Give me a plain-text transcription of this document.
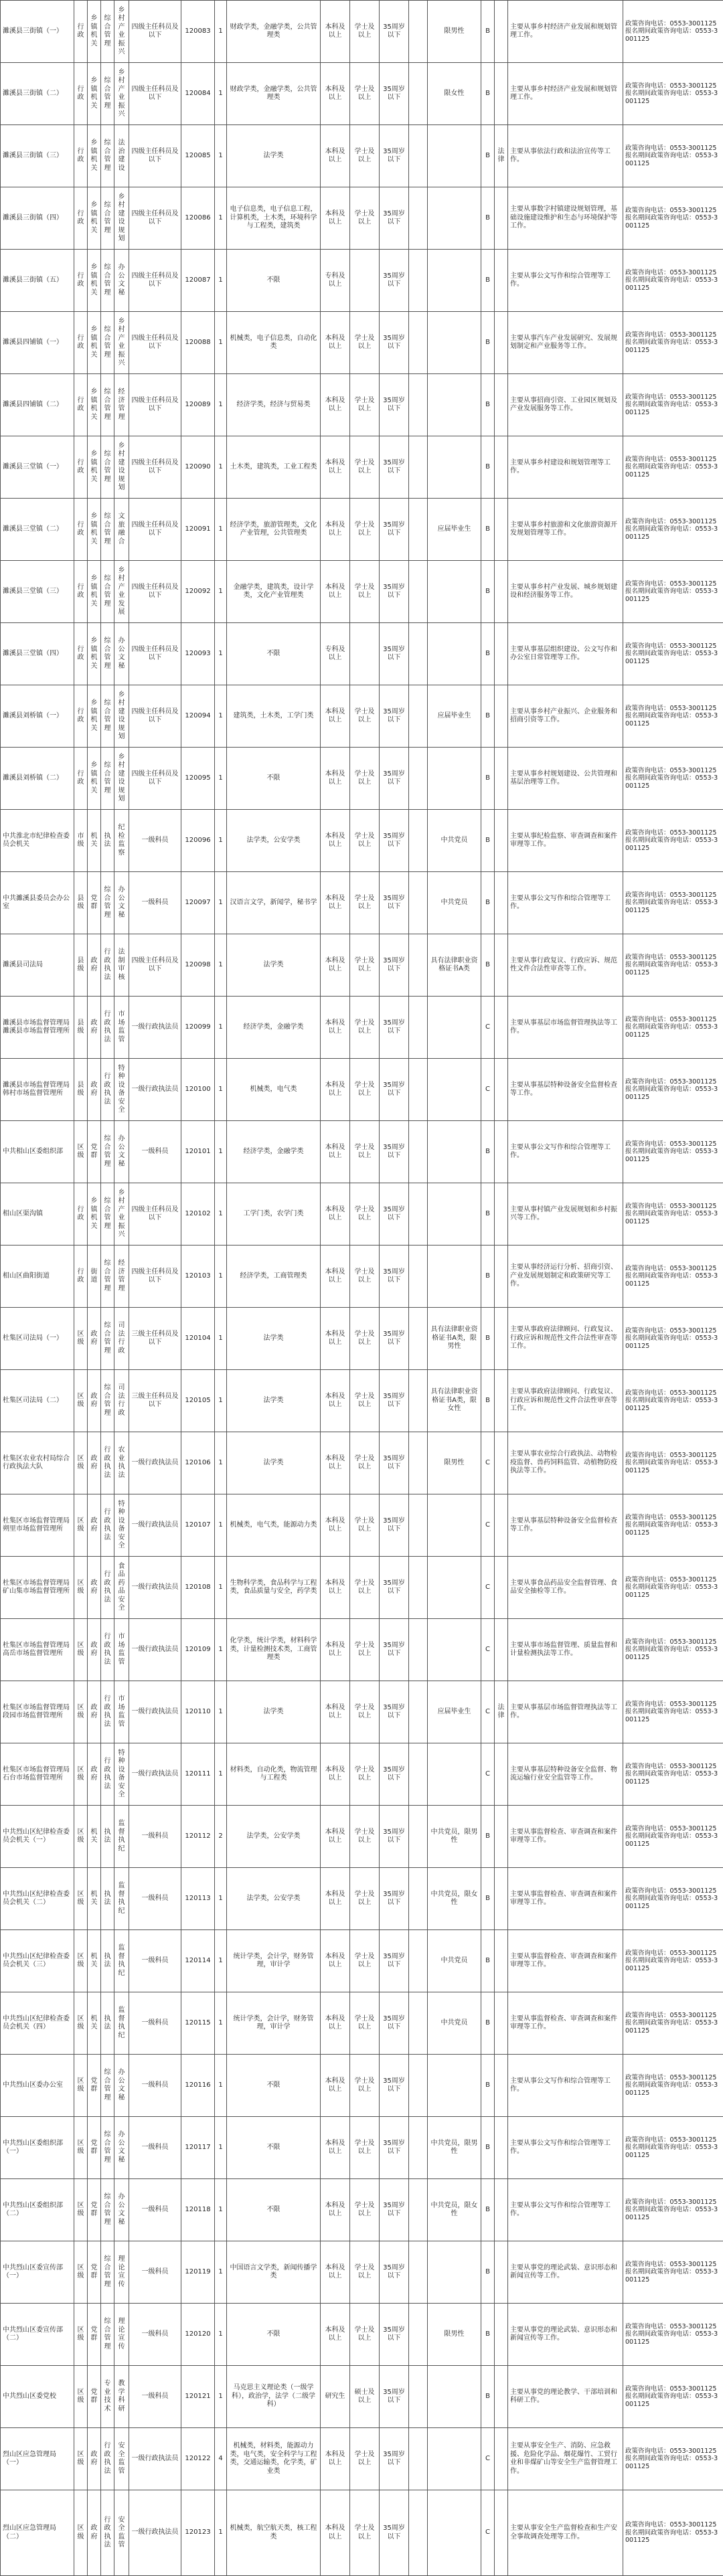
濉溪县三街镇（一）	行政	乡镇机关	综合管理	乡村产业振兴	四级主任科员及以下	120083	1	财政学类，金融学类，公共管理类	本科及以上	学士及以上	35周岁以下		限男性	B		主要从事乡村经济产业发展和规划管理工作。	政策咨询电话：0553-3001125 报名期间政策咨询电话：0553-3001125
濉溪县三街镇（二）	行政	乡镇机关	综合管理	乡村产业振兴	四级主任科员及以下	120084	1	财政学类，金融学类，公共管理类	本科及以上	学士及以上	35周岁以下		限女性	B		主要从事乡村经济产业发展和规划管理工作。	政策咨询电话：0553-3001125 报名期间政策咨询电话：0553-3001125
濉溪县三街镇（三）	行政	乡镇机关	综合管理	法治建设	四级主任科员及以下	120085	1	法学类	本科及以上	学士及以上	35周岁以下			B	法律	主要从事依法行政和法治宣传等工作。	政策咨询电话：0553-3001125 报名期间政策咨询电话：0553-3001125
濉溪县三街镇（四）	行政	乡镇机关	综合管理	乡村建设规划	四级主任科员及以下	120086	1	电子信息类，电子信息工程，计算机类，土木类，环境科学与工程类，建筑类	本科及以上	学士及以上	35周岁以下			B		主要从事数字村镇建设规划管理，基础设施建设维护和生态与环境保护等工作。	政策咨询电话：0553-3001125 报名期间政策咨询电话：0553-3001125
濉溪县三街镇（五）	行政	乡镇机关	综合管理	办公文秘	四级主任科员及以下	120087	1	不限	专科及以上		35周岁以下			B		主要从事公文写作和综合管理等工作。	政策咨询电话：0553-3001125 报名期间政策咨询电话：0553-3001125
濉溪县四铺镇（一）	行政	乡镇机关	综合管理	乡村产业振兴	四级主任科员及以下	120088	1	机械类，电子信息类，自动化类	本科及以上	学士及以上	35周岁以下			B		主要从事汽车产业发展研究、发展规划制定和产业服务等工作。	政策咨询电话：0553-3001125 报名期间政策咨询电话：0553-3001125
濉溪县四铺镇（二）	行政	乡镇机关	综合管理	经济管理	四级主任科员及以下	120089	1	经济学类，经济与贸易类	本科及以上	学士及以上	35周岁以下			B		主要从事招商引资、工业园区规划及产业发展服务等工作。	政策咨询电话：0553-3001125 报名期间政策咨询电话：0553-3001125
濉溪县三堂镇（一）	行政	乡镇机关	综合管理	乡村建设规划	四级主任科员及以下	120090	1	土木类，建筑类，工业工程类	本科及以上	学士及以上	35周岁以下			B		主要从事乡村建设和规划管理等工作。	政策咨询电话：0553-3001125 报名期间政策咨询电话：0553-3001125
濉溪县三堂镇（二）	行政	乡镇机关	综合管理	文旅融合	四级主任科员及以下	120091	1	经济学类，旅游管理类，文化产业管理，公共管理类	本科及以上	学士及以上	35周岁以下		应届毕业生	B		主要从事乡村旅游和文化旅游资源开发规划管理等工作。	政策咨询电话：0553-3001125 报名期间政策咨询电话：0553-3001125
濉溪县三堂镇（三）	行政	乡镇机关	综合管理	乡村产业发展	四级主任科员及以下	120092	1	金融学类，建筑类，设计学类，文化产业管理类	本科及以上	学士及以上	35周岁以下			B		主要从事乡村产业发展、城乡规划建设和经济服务等工作。	政策咨询电话：0553-3001125 报名期间政策咨询电话：0553-3001125
濉溪县三堂镇（四）	行政	乡镇机关	综合管理	办公文秘	四级主任科员及以下	120093	1	不限	专科及以上		35周岁以下			B		主要从事基层组织建设、公文写作和办公室日常管理等工作。	政策咨询电话：0553-3001125 报名期间政策咨询电话：0553-3001125
濉溪县刘桥镇（一）	行政	乡镇机关	综合管理	乡村建设规划	四级主任科员及以下	120094	1	建筑类，土木类，工学门类	本科及以上	学士及以上	35周岁以下		应届毕业生	B		主要从事乡村产业振兴、企业服务和招商引资等工作。	政策咨询电话：0553-3001125 报名期间政策咨询电话：0553-3001125
濉溪县刘桥镇（二）	行政	乡镇机关	综合管理	乡村建设规划	四级主任科员及以下	120095	1	不限	本科及以上	学士及以上	35周岁以下			B		主要从事乡村规划建设、公共管理和基层治理等工作。	政策咨询电话：0553-3001125 报名期间政策咨询电话：0553-3001125
中共淮北市纪律检查委员会机关	市级	机关	执法	纪检监察	一级科员	120096	1	法学类，公安学类	本科及以上	学士及以上	35周岁以下		中共党员	B		主要从事纪检监察、审查调查和案件审理等工作。	政策咨询电话：0553-3001125 报名期间政策咨询电话：0553-3001125
中共濉溪县委员会办公室	县级	党群	综合管理	办公文秘	一级科员	120097	1	汉语言文学，新闻学，秘书学	本科及以上	学士及以上	35周岁以下		中共党员	B		主要从事公文写作和综合管理等工作。	政策咨询电话：0553-3001125 报名期间政策咨询电话：0553-3001125
濉溪县司法局	县级	政府	行政执法	法制审核	四级主任科员及以下	120098	1	法学类	本科及以上	学士及以上	35周岁以下		具有法律职业资格证书A类	B		主要从事行政复议、行政应诉、规范性文件合法性审查等工作。	政策咨询电话：0553-3001125 报名期间政策咨询电话：0553-3001125
濉溪县市场监督管理局濉溪县市场监督管理所	县级	政府	行政执法	市场监管	一级行政执法员	120099	1	经济学类，金融学类	本科及以上	学士及以上	35周岁以下			C		主要从事基层市场监督管理执法等工作。	政策咨询电话：0553-3001125 报名期间政策咨询电话：0553-3001125
濉溪县市场监督管理局韩村市场监督管理所	县级	政府	行政执法	特种设备安全	一级行政执法员	120100	1	机械类，电气类	本科及以上	学士及以上	35周岁以下			C		主要从事基层特种设备安全监督检查等工作。	政策咨询电话：0553-3001125 报名期间政策咨询电话：0553-3001125
中共相山区委组织部	区级	党群	综合管理	办公文秘	一级科员	120101	1	经济学类，金融学类	本科及以上	学士及以上	35周岁以下			B		主要从事公文写作和综合管理等工作。	政策咨询电话：0553-3001125 报名期间政策咨询电话：0553-3001125
相山区渠沟镇	行政	乡镇机关	综合管理	乡村产业振兴	四级主任科员及以下	120102	1	工学门类，农学门类	本科及以上	学士及以上	35周岁以下			B		主要从事村镇产业发展规划和乡村振兴等工作。	政策咨询电话：0553-3001125 报名期间政策咨询电话：0553-3001125
相山区曲阳街道	行政	街道	综合管理	经济管理	四级主任科员及以下	120103	1	经济学类，工商管理类	本科及以上	学士及以上	35周岁以下			B		主要从事经济运行分析、招商引资、产业发展规划制定和政策研究等工作。	政策咨询电话：0553-3001125 报名期间政策咨询电话：0553-3001125
杜集区司法局（一）	区级	政府	综合管理	司法行政	三级主任科员及以下	120104	1	法学类	本科及以上	学士及以上	35周岁以下		具有法律职业资格证书A类，限男性	B		主要从事政府法律顾问、行政复议、行政应诉和规范性文件合法性审查等工作。	政策咨询电话：0553-3001125 报名期间政策咨询电话：0553-3001125
杜集区司法局（二）	区级	政府	综合管理	司法行政	三级主任科员及以下	120105	1	法学类	本科及以上	学士及以上	35周岁以下		具有法律职业资格证书A类，限女性	B		主要从事政府法律顾问、行政复议、行政应诉和规范性文件合法性审查等工作。	政策咨询电话：0553-3001125 报名期间政策咨询电话：0553-3001125
杜集区农业农村局综合行政执法大队	区级	政府	行政执法	农业执法	一级行政执法员	120106	1	法学类	本科及以上	学士及以上	35周岁以下		限男性	C		主要从事农业综合行政执法、动物检疫监督、兽药饲料监管、动植物防疫执法等工作。	政策咨询电话：0553-3001125 报名期间政策咨询电话：0553-3001125
杜集区市场监督管理局朔里市场监督管理所	区级	政府	行政执法	特种设备安全	一级行政执法员	120107	1	机械类，电气类，能源动力类	本科及以上	学士及以上	35周岁以下			C		主要从事基层特种设备安全监督检查等工作。	政策咨询电话：0553-3001125 报名期间政策咨询电话：0553-3001125
杜集区市场监督管理局矿山集市场监督管理所	区级	政府	行政执法	食品药品安全	一级行政执法员	120108	1	生物科学类，食品科学与工程类，食品质量与安全，药学类	本科及以上	学士及以上	35周岁以下			C		主要从事食品药品安全监督管理、食品安全抽检等工作。	政策咨询电话：0553-3001125 报名期间政策咨询电话：0553-3001125
杜集区市场监督管理局高岳市场监督管理所	区级	政府	行政执法	市场监管	一级行政执法员	120109	1	化学类，统计学类，材料科学类，计量检测技术类，工商管理类	本科及以上	学士及以上	35周岁以下			C		主要从事市场监督管理、质量监督和计量检测执法等工作。	政策咨询电话：0553-3001125 报名期间政策咨询电话：0553-3001125
杜集区市场监督管理局段园市场监督管理所	区级	政府	行政执法	市场监管	一级行政执法员	120110	1	法学类	本科及以上	学士及以上	35周岁以下		应届毕业生	C	法律	主要从事基层市场监督管理执法等工作。	政策咨询电话：0553-3001125 报名期间政策咨询电话：0553-3001125
杜集区市场监督管理局石台市场监督管理所	区级	政府	行政执法	特种设备安全	一级行政执法员	120111	1	材料类，自动化类，物流管理与工程类	本科及以上	学士及以上	35周岁以下			C		主要从事基层特种设备安全监督、物流运输行业安全监管等工作。	政策咨询电话：0553-3001125 报名期间政策咨询电话：0553-3001125
中共烈山区纪律检查委员会机关（一）	区级	机关	执法	监督执纪	一级科员	120112	2	法学类，公安学类	本科及以上	学士及以上	35周岁以下		中共党员，限男性	B		主要从事监督检查、审查调查和案件审理等工作。	政策咨询电话：0553-3001125 报名期间政策咨询电话：0553-3001125
中共烈山区纪律检查委员会机关（二）	区级	机关	执法	监督执纪	一级科员	120113	1	法学类，公安学类	本科及以上	学士及以上	35周岁以下		中共党员，限女性	B		主要从事监督检查、审查调查和案件审理等工作。	政策咨询电话：0553-3001125 报名期间政策咨询电话：0553-3001125
中共烈山区纪律检查委员会机关（三）	区级	机关	执法	监督执纪	一级科员	120114	1	统计学类，会计学，财务管理，审计学	本科及以上	学士及以上	35周岁以下		中共党员	B		主要从事监督检查、审查调查和案件审理等工作。	政策咨询电话：0553-3001125 报名期间政策咨询电话：0553-3001125
中共烈山区纪律检查委员会机关（四）	区级	机关	执法	监督执纪	一级科员	120115	1	统计学类，会计学，财务管理，审计学	本科及以上	学士及以上	35周岁以下		中共党员	B		主要从事监督检查、审查调查和案件审理等工作。	政策咨询电话：0553-3001125 报名期间政策咨询电话：0553-3001125
中共烈山区委办公室	区级	党群	综合管理	办公文秘	一级科员	120116	1	不限	本科及以上	学士及以上	35周岁以下			B		主要从事公文写作和综合管理等工作。	政策咨询电话：0553-3001125 报名期间政策咨询电话：0553-3001125
中共烈山区委组织部（一）	区级	党群	综合管理	办公文秘	一级科员	120117	1	不限	本科及以上	学士及以上	35周岁以下		中共党员，限男性	B		主要从事公文写作和综合管理等工作。	政策咨询电话：0553-3001125 报名期间政策咨询电话：0553-3001125
中共烈山区委组织部（二）	区级	党群	综合管理	办公文秘	一级科员	120118	1	不限	本科及以上	学士及以上	35周岁以下		中共党员，限女性	B		主要从事公文写作和综合管理等工作。	政策咨询电话：0553-3001125 报名期间政策咨询电话：0553-3001125
中共烈山区委宣传部（一）	区级	党群	综合管理	理论宣传	一级科员	120119	1	中国语言文学类，新闻传播学类	本科及以上	学士及以上	35周岁以下			B		主要从事党的理论武装、意识形态和新闻宣传等工作。	政策咨询电话：0553-3001125 报名期间政策咨询电话：0553-3001125
中共烈山区委宣传部（二）	区级	党群	综合管理	理论宣传	一级科员	120120	1	不限	本科及以上	学士及以上	35周岁以下		限男性	B		主要从事党的理论武装、意识形态和新闻宣传等工作。	政策咨询电话：0553-3001125 报名期间政策咨询电话：0553-3001125
中共烈山区委党校	区级	党群	专业技术	教学科研	一级科员	120121	1	马克思主义理论类（一级学科），政治学，法学（二级学科）	研究生	硕士及以上	35周岁以下			B		主要从事党的理论教学、干部培训和科研工作。	政策咨询电话：0553-3001125 报名期间政策咨询电话：0553-3001125
烈山区应急管理局（一）	区级	政府	行政执法	安全监管	一级行政执法员	120122	4	机械类，材料类，能源动力类，电气类，安全科学与工程类，交通运输类，化学类，矿业类	本科及以上	学士及以上	35周岁以下			C		主要从事安全生产、消防、应急救援、危险化学品、烟花爆竹、工贸行业和非煤矿山等安全生产监督管理工作。	政策咨询电话：0553-3001125 报名期间政策咨询电话：0553-3001125
烈山区应急管理局（二）	区级	政府	行政执法	安全监管	一级行政执法员	120123	1	机械类，航空航天类，核工程类	本科及以上	学士及以上	35周岁以下			C		主要从事安全生产监督检查和生产安全事故调查处理等工作。	政策咨询电话：0553-3001125 报名期间政策咨询电话：0553-3001125
